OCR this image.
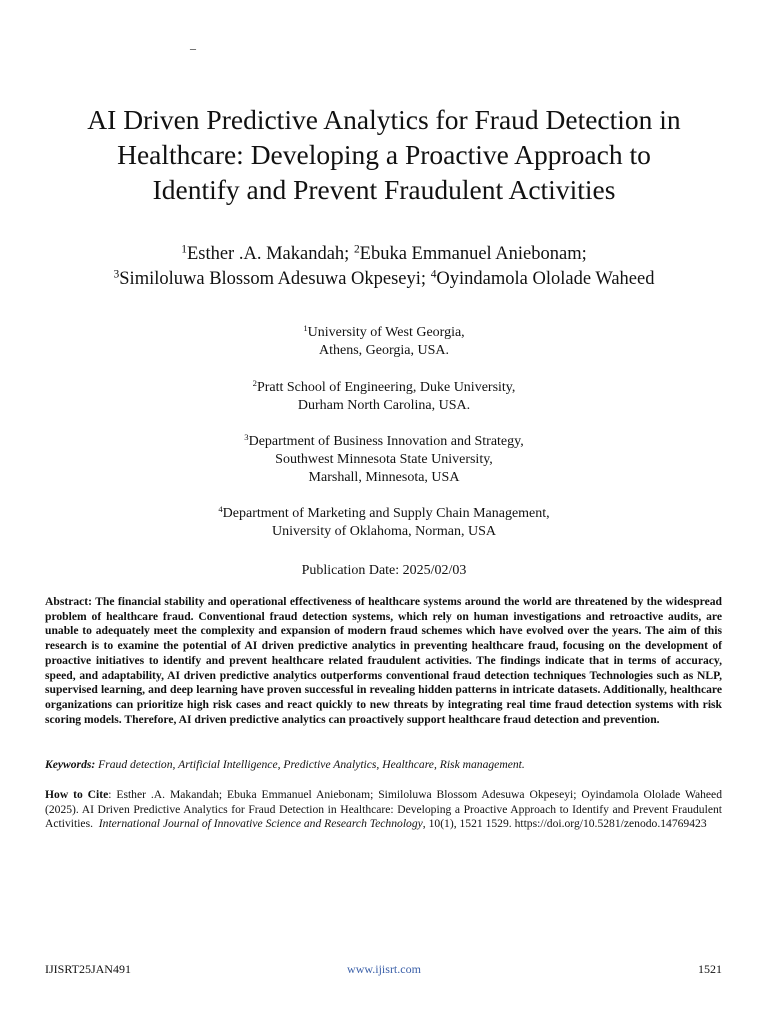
–
AI Driven Predictive Analytics for Fraud Detection in
Healthcare: Developing a Proactive Approach to
Identify and Prevent Fraudulent Activities
$^1$Esther .A. Makandah; $^2$Ebuka Emmanuel Aniebonam;
$^3$Similoluwa Blossom Adesuwa Okpeseyi; $^4$Oyindamola Ololade Waheed
$^1$University of West Georgia,
Athens, Georgia, USA.
$^2$Pratt School of Engineering, Duke University,
Durham North Carolina, USA.
$^3$Department of Business Innovation and Strategy,
Southwest Minnesota State University,
Marshall, Minnesota, USA
$^4$Department of Marketing and Supply Chain Management,
University of Oklahoma, Norman, USA
Publication Date: 2025/02/03

Abstract: The financial stability and operational effectiveness of healthcare systems around the world are threatened by the widespread problem of healthcare fraud. Conventional fraud detection systems, which rely on human investigations and retroactive audits, are unable to adequately meet the complexity and expansion of modern fraud schemes which have evolved over the years. The aim of this research is to examine the potential of AI driven predictive analytics in preventing healthcare fraud, focusing on the development of proactive initiatives to identify and prevent healthcare related fraudulent activities. The findings indicate that in terms of accuracy, speed, and adaptability, AI driven predictive analytics outperforms conventional fraud detection techniques Technologies such as NLP, supervised learning, and deep learning have proven successful in revealing hidden patterns in intricate datasets. Additionally, healthcare organizations can prioritize high risk cases and react quickly to new threats by integrating real time fraud detection systems with risk scoring models. Therefore, AI driven predictive analytics can proactively support healthcare fraud detection and prevention.

Keywords: Fraud detection, Artificial Intelligence, Predictive Analytics, Healthcare, Risk management.

How to Cite: Esther .A. Makandah; Ebuka Emmanuel Aniebonam; Similoluwa Blossom Adesuwa Okpeseyi; Oyindamola Ololade Waheed (2025). AI Driven Predictive Analytics for Fraud Detection in Healthcare: Developing a Proactive Approach to Identify and Prevent Fraudulent Activities. International Journal of Innovative Science and Research Technology, 10(1), 1521 1529. https://doi.org/10.5281/zenodo.14769423

IJISRT25JAN491	www.ijisrt.com	1521
